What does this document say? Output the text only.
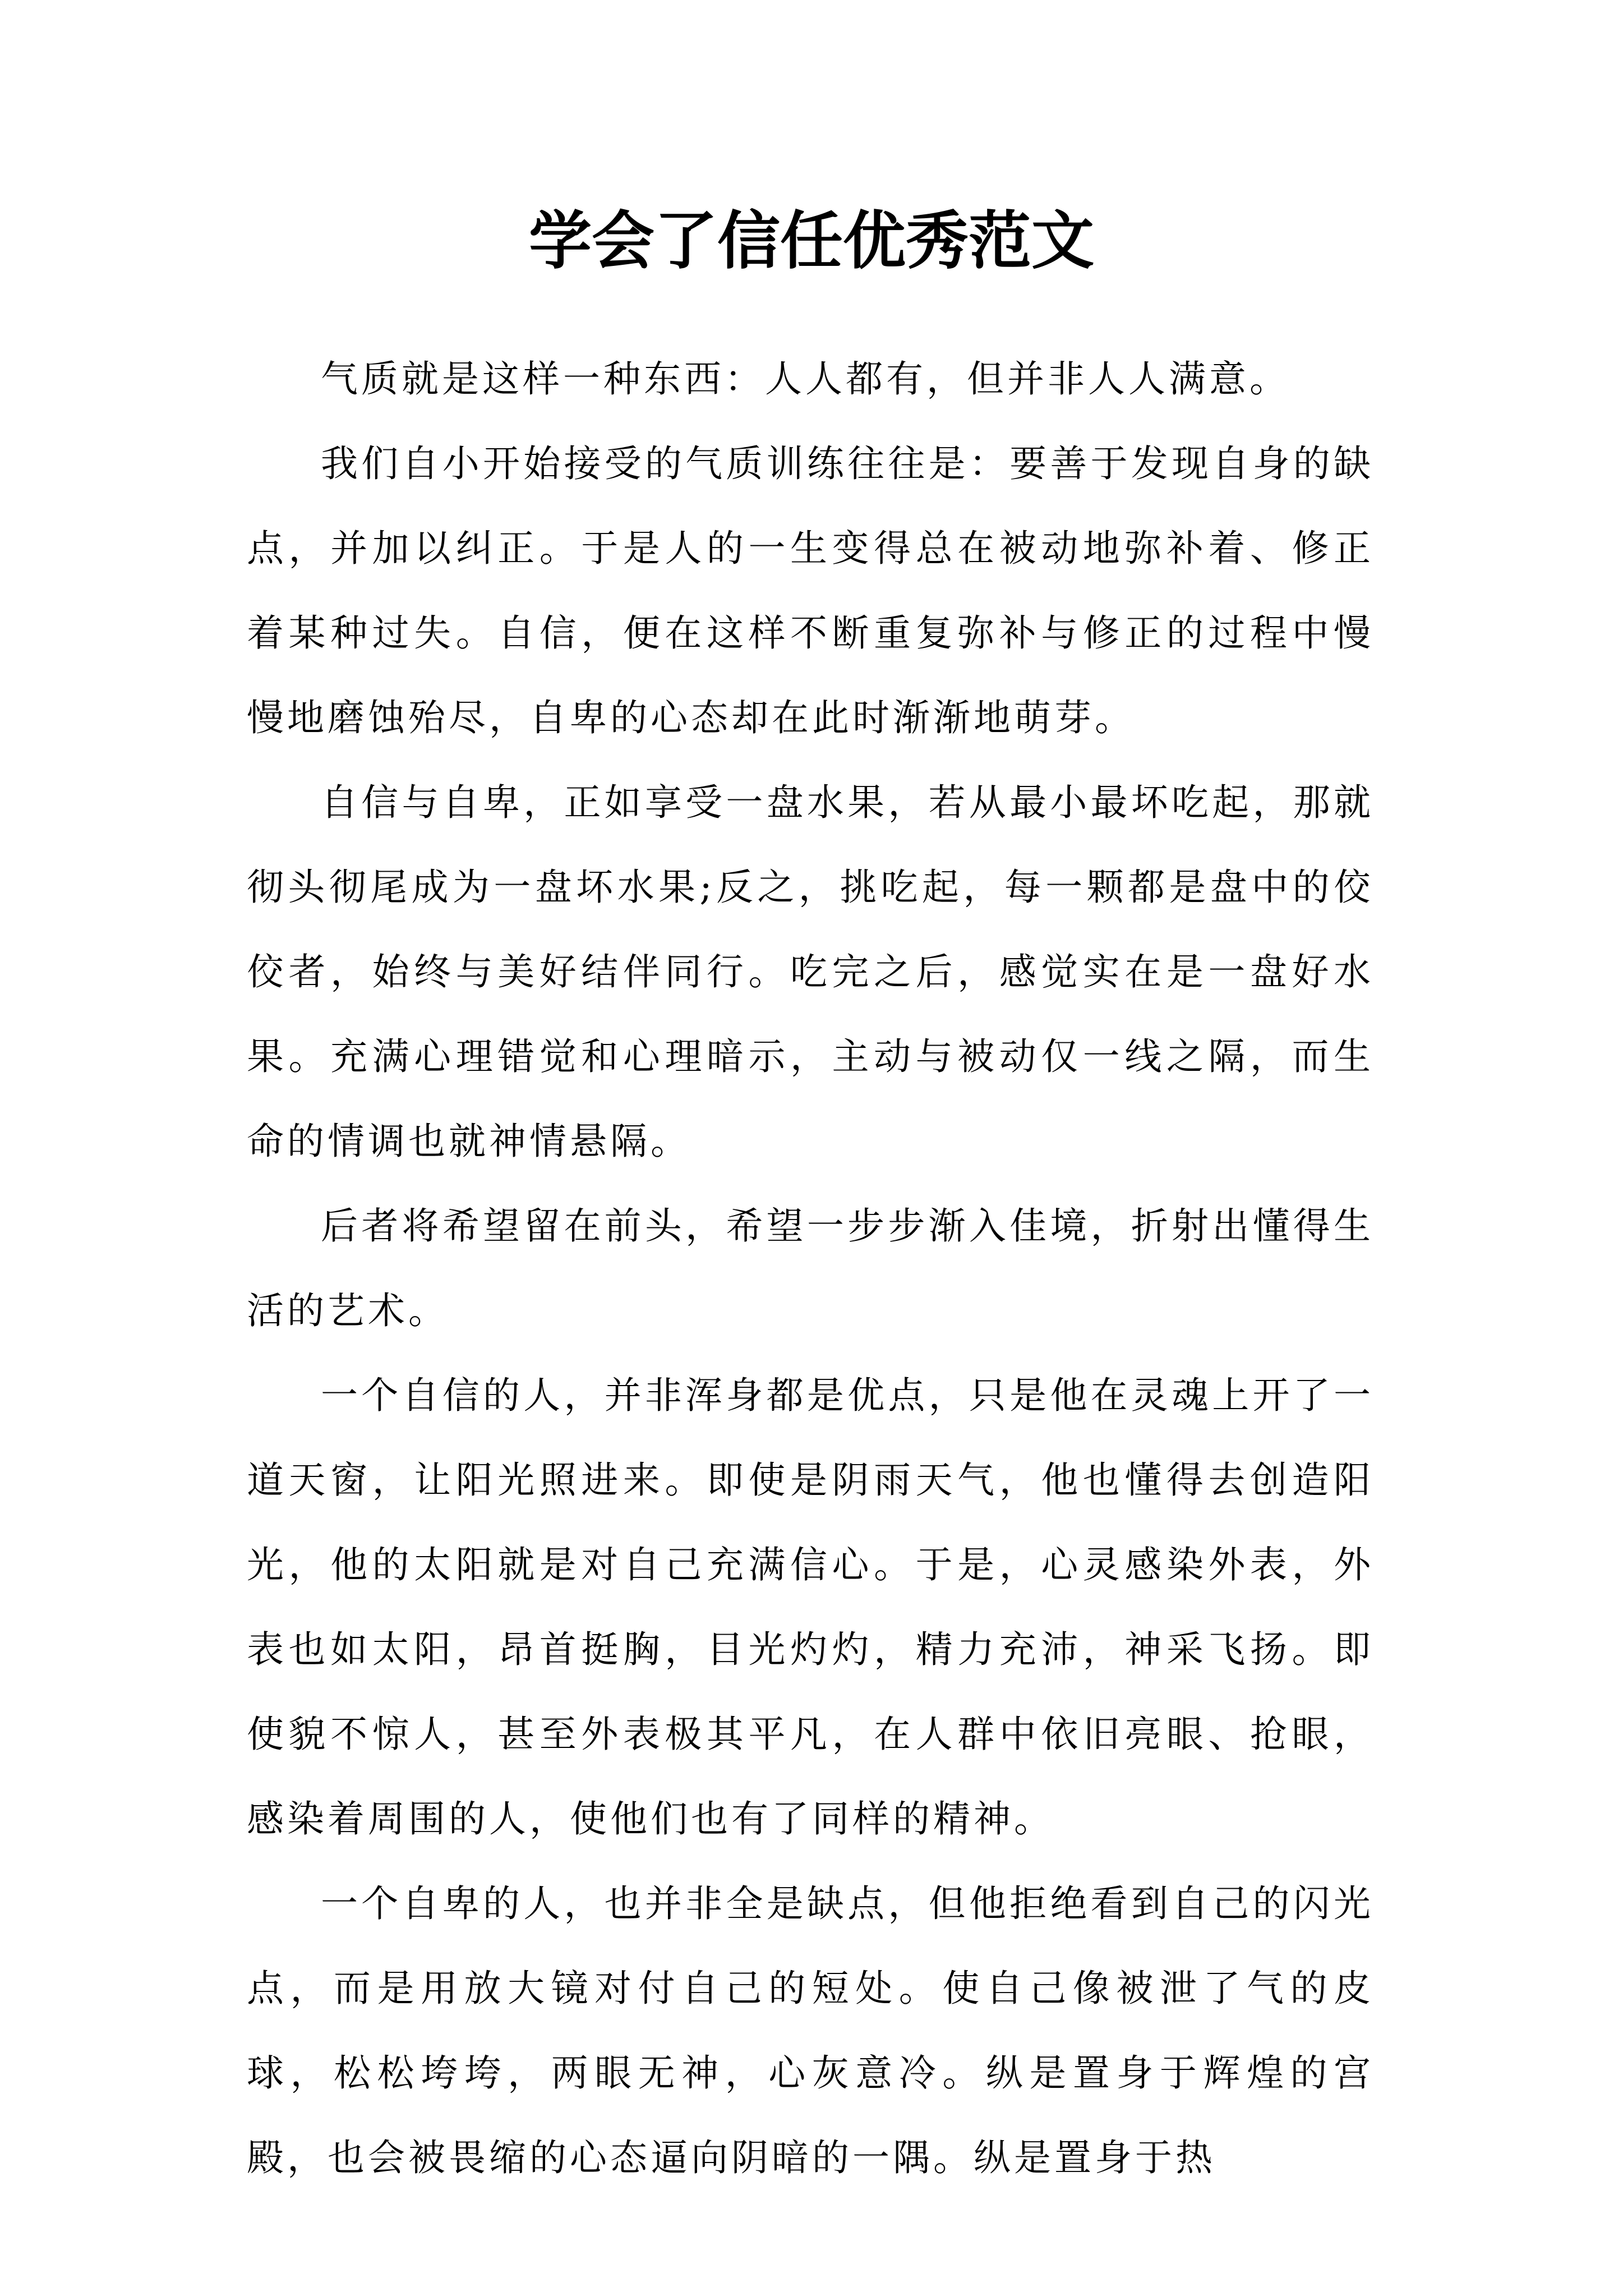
学会了信任优秀范文

气质就是这样一种东西：人人都有，但并非人人满意。

我们自小开始接受的气质训练往往是：要善于发现自身的缺点，并加以纠正。于是人的一生变得总在被动地弥补着、修正着某种过失。自信，便在这样不断重复弥补与修正的过程中慢慢地磨蚀殆尽，自卑的心态却在此时渐渐地萌芽。

自信与自卑，正如享受一盘水果，若从最小最坏吃起，那就彻头彻尾成为一盘坏水果;反之，挑吃起，每一颗都是盘中的佼佼者，始终与美好结伴同行。吃完之后，感觉实在是一盘好水果。充满心理错觉和心理暗示，主动与被动仅一线之隔，而生命的情调也就神情悬隔。

后者将希望留在前头，希望一步步渐入佳境，折射出懂得生活的艺术。

一个自信的人，并非浑身都是优点，只是他在灵魂上开了一道天窗，让阳光照进来。即使是阴雨天气，他也懂得去创造阳光，他的太阳就是对自己充满信心。于是，心灵感染外表，外表也如太阳，昂首挺胸，目光灼灼，精力充沛，神采飞扬。即使貌不惊人，甚至外表极其平凡，在人群中依旧亮眼、抢眼，感染着周围的人，使他们也有了同样的精神。

一个自卑的人，也并非全是缺点，但他拒绝看到自己的闪光点，而是用放大镜对付自己的短处。使自己像被泄了气的皮球，松松垮垮，两眼无神，心灰意冷。纵是置身于辉煌的宫殿，也会被畏缩的心态逼向阴暗的一隅。纵是置身于热
